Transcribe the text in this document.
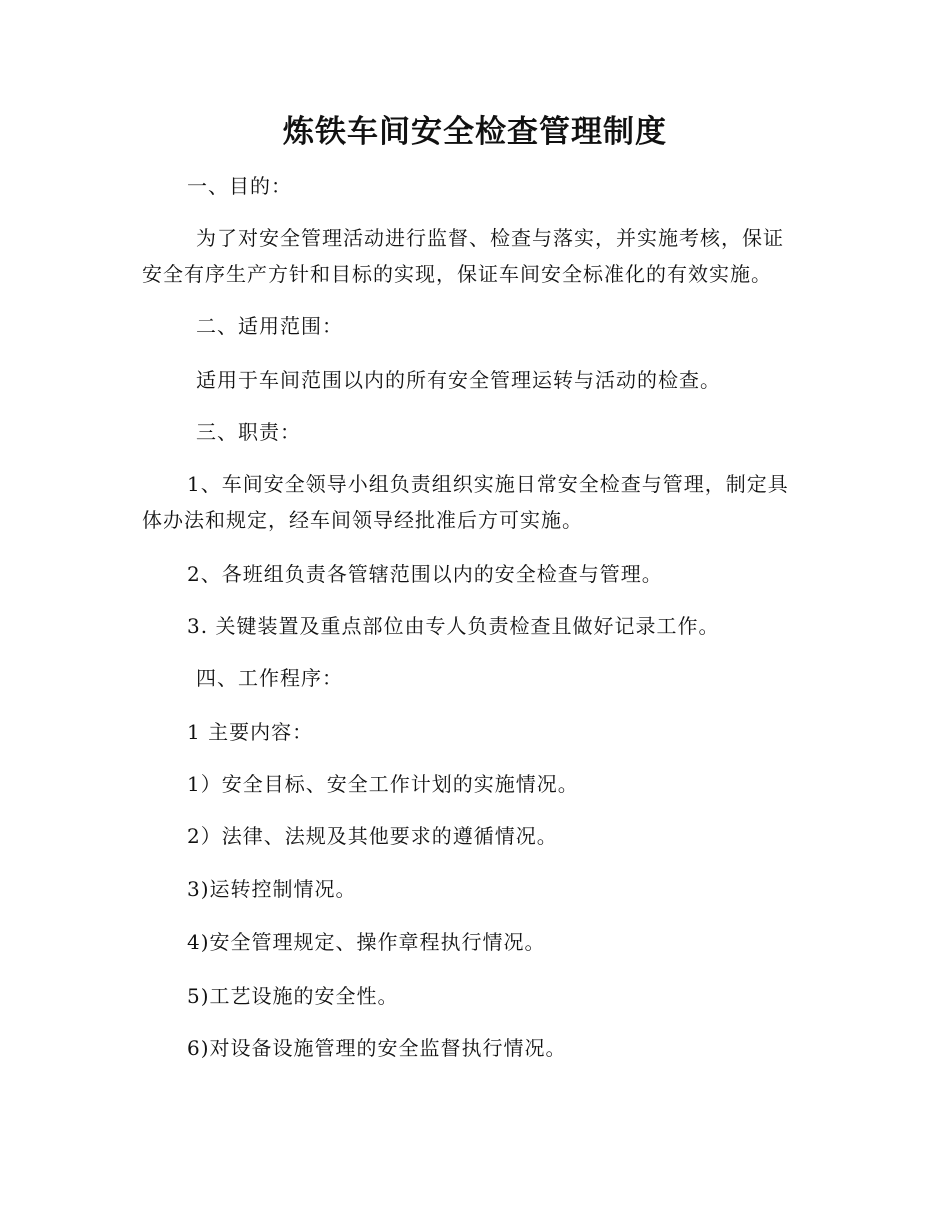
炼铁车间安全检查管理制度
一、目的：
为了对安全管理活动进行监督、检查与落实，并实施考核，保证
安全有序生产方针和目标的实现，保证车间安全标准化的有效实施。
二、适用范围：
适用于车间范围以内的所有安全管理运转与活动的检查。
三、职责：
1、车间安全领导小组负责组织实施日常安全检查与管理，制定具
体办法和规定，经车间领导经批准后方可实施。
2、各班组负责各管辖范围以内的安全检查与管理。
3. 关键装置及重点部位由专人负责检查且做好记录工作。
四、工作程序：
1 主要内容：
1）安全目标、安全工作计划的实施情况。
2）法律、法规及其他要求的遵循情况。
3)运转控制情况。
4)安全管理规定、操作章程执行情况。
5)工艺设施的安全性。
6)对设备设施管理的安全监督执行情况。
